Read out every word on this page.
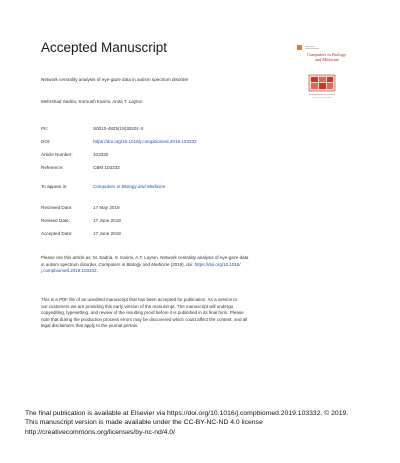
Accepted Manuscript	Computers in Biology
and Medicine
Network centrality analysis of eye-gaze data in autism spectrum disorder
Mehrshad Sadria, Soroush Karimi, Anita T. Layton
PII:	S0010-4825(19)30201-X
DOI:	https://doi.org/10.1016/j.compbiomed.2019.103332
Article Number:	103332
Reference:	CBM 103332
To appear in:	Computers in Biology and Medicine
Received Date:	17 May 2019
Revised Date:	17 June 2019
Accepted Date:	17 June 2019
Please cite this article as: M. Sadria, S. Karimi, A.T. Layton, Network centrality analysis of eye-gaze data
in autism spectrum disorder, Computers in Biology and Medicine (2019), doi: https://doi.org/10.1016/
j.compbiomed.2019.103332.
This is a PDF file of an unedited manuscript that has been accepted for publication. As a service to
our customers we are providing this early version of the manuscript. The manuscript will undergo
copyediting, typesetting, and review of the resulting proof before it is published in its final form. Please
note that during the production process errors may be discovered which could affect the content, and all
legal disclaimers that apply to the journal pertain.
The final publication is available at Elsevier via https://doi.org/10.1016/j.compbiomed.2019.103332. © 2019.
This manuscript version is made available under the CC-BY-NC-ND 4.0 license
http://creativecommons.org/licenses/by-nc-nd/4.0/
